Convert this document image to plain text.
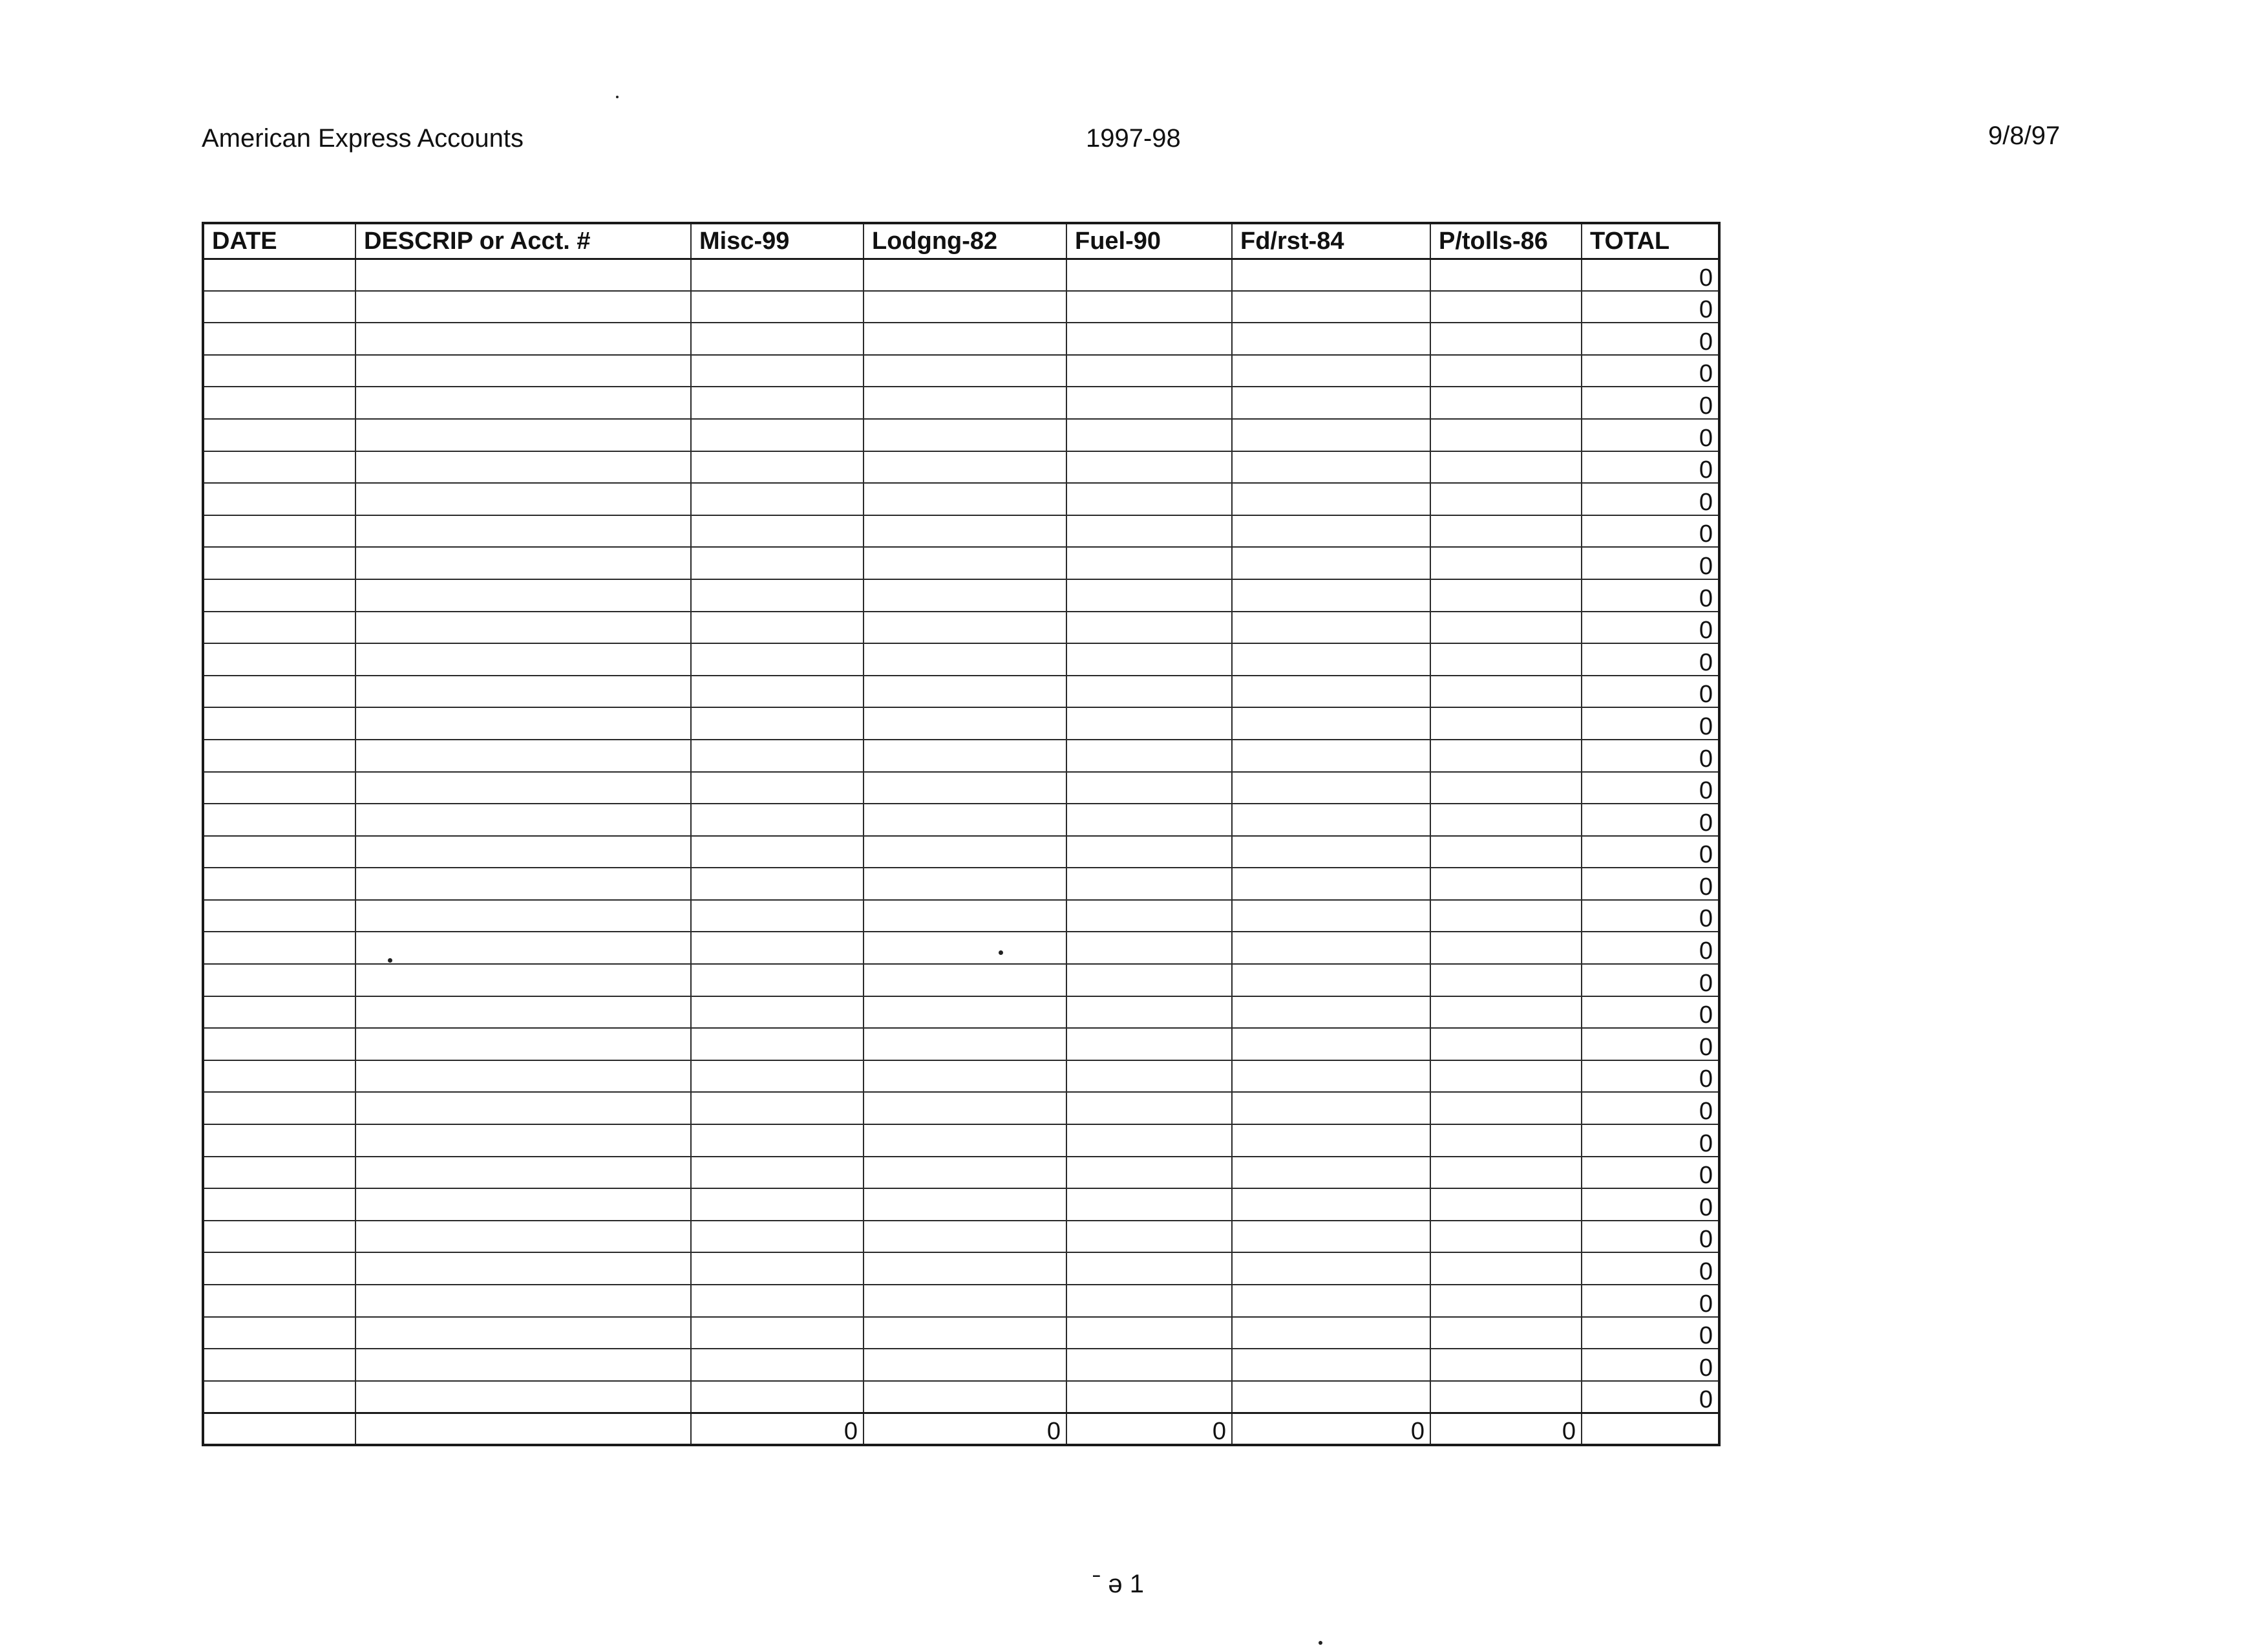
American Express Accounts	1997-98	9/8/97
DATE	DESCRIP or Acct. #	Misc-99	Lodgng-82	Fuel-90	Fd/rst-84	P/tolls-86	TOTAL
							0
							0
							0
							0
							0
							0
							0
							0
							0
							0
							0
							0
							0
							0
							0
							0
							0
							0
							0
							0
							0
							0
							0
							0
							0
							0
							0
							0
							0
							0
							0
							0
							0
							0
							0
							0
		0	0	0	0	0	
ˉ ə 1
